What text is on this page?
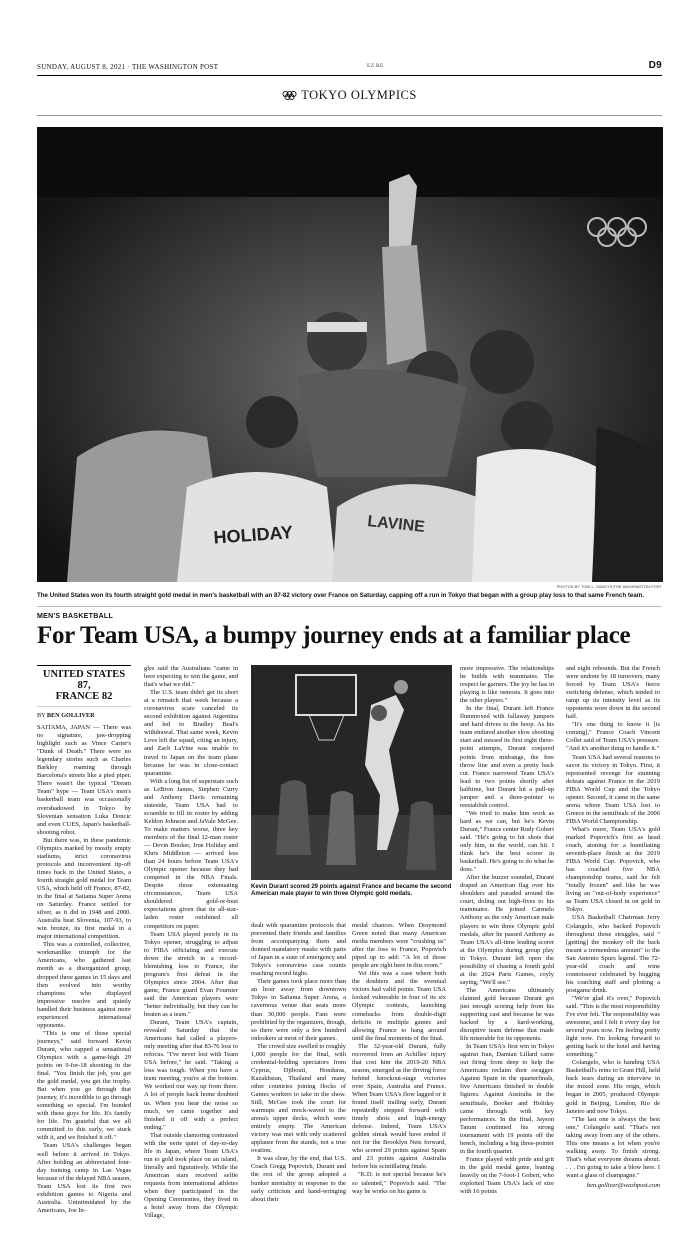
SUNDAY, AUGUST 8, 2021 · THE WASHINGTON POST	EZ RE	D9
TOKYO OLYMPICS
HOLIDAY	LAVINE
PHOTOS BY TONI L. SANDYS/THE WASHINGTON POST
The United States won its fourth straight gold medal in men's basketball with an 87-82 victory over France on Saturday, capping off a run in Tokyo that began with a group play loss to that same French team.
MEN'S BASKETBALL
For Team USA, a bumpy journey ends at a familiar place
UNITED STATES 87,
FRANCE 82
BY BEN GOLLIVER

SAITAMA, JAPAN — There was no signature, jaw-dropping highlight such as Vince Carter's "Dunk of Death." There were no legendary stories such as Charles Barkley roaming through Barcelona's streets like a pied piper. There wasn't the typical "Dream Team" hype — Team USA's men's basketball team was occasionally overshadowed in Tokyo by Slovenian sensation Luka Doncic and even CUES, Japan's basketball-shooting robot.

But there was, in these pandemic Olympics marked by mostly empty stadiums, strict coronavirus protocols and inconvenient tip-off times back in the United States, a fourth straight gold medal for Team USA, which held off France, 87-82, in the final at Saitama Super Arena on Saturday. France settled for silver, as it did in 1948 and 2000. Australia beat Slovenia, 107-93, to win bronze, its first medal in a major international competition.

This was a controlled, collective, workmanlike triumph for the Americans, who gathered last month as a disorganized group, dropped three games in 15 days and then evolved into worthy champions who displayed impressive resolve and quietly handled their business against more experienced international opponents.

"This is one of those special journeys," said forward Kevin Durant, who capped a sensational Olympics with a game-high 29 points on 9-for-18 shooting in the final. "You finish the job, you get the gold medal, you get the trophy. But when you go through that journey, it's incredible to go through something so special. I'm bonded with these guys for life. It's family for life. I'm grateful that we all committed to this early, we stuck with it, and we finished it off."

Team USA's challenges began well before it arrived in Tokyo. After holding an abbreviated four-day training camp in Las Vegas because of the delayed NBA season, Team USA lost its first two exhibition games to Nigeria and Australia. Unintimidated by the Americans, Joe In-

gles said the Australians "came in here expecting to win the game, and that's what we did."

The U.S. team didn't get its short at a rematch that week because a coronavirus scare canceled its second exhibition against Argentina and led to Bradley Beal's withdrawal. That same week, Kevin Love left the squad, citing an injury, and Zach LaVine was unable to travel to Japan on the team plane because he was in close-contact quarantine.

With a long list of superstars such as LeBron James, Stephen Curry and Anthony Davis remaining stateside, Team USA had to scramble to fill its roster by adding Keldon Johnson and JaVale McGee. To make matters worse, three key members of the final 12-man roster — Devin Booker, Jrue Holiday and Khris Middleton — arrived less than 24 hours before Team USA's Olympic opener because they had competed in the NBA Finals. Despite those extenuating circumstances, Team USA shouldered gold-or-bust expectations given that its all-star-laden roster outshined all competitors on paper.

Team USA played poorly in its Tokyo opener, struggling to adjust to FIBA officiating and execute down the stretch in a record-blemishing loss to France, the program's first defeat in the Olympics since 2004. After that game, France guard Evan Fournier said the American players were "better individually, but they can be beaten as a team."

Durant, Team USA's captain, revealed Saturday that the Americans had called a players-only meeting after that 83-76 loss to refocus. "I've never lost with Team USA before," he said. "Taking a loss was tough. When you have a team meeting, you're at the bottom. We worked our way up from there. A lot of people back home doubted us. When you hear the noise so much, we came together and finished it off with a perfect ending."

That outside clamoring contrasted with the eerie quiet of day-to-day life in Japan, where Team USA's run to gold took place on an island, literally and figuratively. While the American stars received selfie requests from international athletes when they participated in the Opening Ceremonies, they lived in a hotel away from the Olympic Village,

Kevin Durant scored 29 points against France and became the second American male player to win three Olympic gold medals.

dealt with quarantine protocols that prevented their friends and families from accompanying them and donned mandatory masks with parts of Japan in a state of emergency and Tokyo's coronavirus case counts reaching record highs.

Their games took place more than an hour away from downtown Tokyo in Saitama Super Arena, a cavernous venue that seats more than 30,000 people. Fans were prohibited by the organizers, though, so there were only a few hundred onlookers at most of their games.

The crowd size swelled to roughly 1,000 people for the final, with credential-holding spectators from Cyprus, Djibouti, Honduras, Kazakhstan, Thailand and many other countries joining flocks of Games workers to take in the show. Still, McGee took the court for warmups and mock-waved to the arena's upper decks, which were entirely empty. The American victory was met with only scattered applause from the stands, not a true ovation.

It was clear, by the end, that U.S. Coach Gregg Popovich, Durant and the rest of the group adopted a bunker mentality in response to the early criticism and hand-wringing about their

medal chances. When Draymond Green noted that many American media members were "crushing us" after the loss to France, Popovich piped up to add: "A lot of those people are right here in this room."

Yet this was a case where both the doubters and the eventual victors had valid points. Team USA looked vulnerable in four of its six Olympic contests, launching comebacks from double-digit deficits in multiple games and allowing France to hang around until the final moments of the final.

The 32-year-old Durant, fully recovered from an Achilles' injury that cost him the 2019-20 NBA season, emerged as the driving force behind knockout-stage victories over Spain, Australia and France. When Team USA's flow lagged or it found itself trailing early, Durant repeatedly stepped forward with timely shots and high-energy defense. Indeed, Team USA's golden streak would have ended if not for the Brooklyn Nets forward, who scored 29 points against Spain and 23 points against Australia before his scintillating finale.

"K.D. is not special because he's so talented," Popovich said. "The way he works on his game is

more impressive. The relationships he builds with teammates. The respect he garners. The joy he has in playing is like osmosis. It goes into the other players."

In the final, Durant left France flummoxed with fallaway jumpers and hard drives to the hoop. As his team endured another slow shooting start and missed its first eight three-point attempts, Durant conjured points from midrange, the free throw line and even a pretty back cut. France narrowed Team USA's lead to two points shortly after halftime, but Durant hit a pull-up jumper and a three-pointer to reestablish control.

"We tried to make him work as hard as we can, but he's Kevin Durant," France center Rudy Gobert said. "He's going to hit shots that only him, in the world, can hit. I think he's the best scorer in basketball. He's going to do what he does."

After the buzzer sounded, Durant draped an American flag over his shoulders and paraded around the court, doling out high-fives to his teammates. He joined Carmelo Anthony as the only American male players to win three Olympic gold medals, after he passed Anthony as Team USA's all-time leading scorer at the Olympics during group play in Tokyo. Durant left open the possibility of chasing a fourth gold at the 2024 Paris Games, coyly saying, "We'll see."

The Americans ultimately claimed gold because Durant got just enough scoring help from his supporting cast and because he was backed by a hard-working, disruptive team defense that made life miserable for its opponents.

In Team USA's first win in Tokyo against Iran, Damian Lillard came out firing from deep to help the Americans reclaim their swagger. Against Spain in the quarterfinals, five Americans finished in double figures. Against Australia in the semifinals, Booker and Holiday came through with key performances. In the final, Jayson Tatum continued his strong tournament with 19 points off the bench, including a big three-pointer in the fourth quarter.

France played with pride and grit in the gold medal game, leaning heavily on the 7-foot-1 Gobert, who exploited Team USA's lack of size with 16 points

and eight rebounds. But the French were undone by 18 turnovers, many forced by Team USA's fierce switching defense, which tended to ramp up its intensity level as its opponents wore down in the second half.

"It's one thing to know it [is coming]," France Coach Vincent Collet said of Team USA's pressure. "And it's another thing to handle it."

Team USA had several reasons to savor its victory in Tokyo. First, it represented revenge for stunning defeats against France in the 2019 FIBA World Cup and the Tokyo opener. Second, it came in the same arena where Team USA lost to Greece in the semifinals of the 2006 FIBA World Championship.

What's more, Team USA's gold marked Popovich's first as head coach, atoning for a humiliating seventh-place finish at the 2019 FIBA World Cup. Popovich, who has coached five NBA championship teams, said he felt "totally frozen" and like he was living an "out-of-body experience" as Team USA closed in on gold in Tokyo.

USA Basketball Chairman Jerry Colangelo, who backed Popovich throughout those struggles, said "[getting] the monkey off the back meant a tremendous amount" to the San Antonio Spurs legend. The 72-year-old coach and wine connoisseur celebrated by hugging his coaching staff and plotting a postgame drink.

"We're glad it's over," Popovich said. "This is the most responsibility I've ever felt. The responsibility was awesome, and I felt it every day for several years now. I'm feeling pretty light now. I'm looking forward to getting back to the hotel and having something."

Colangelo, who is handing USA Basketball's reins to Grant Hill, held back tears during an interview in the mixed zone. His reign, which began in 2005, produced Olympic gold in Beijing, London, Rio de Janeiro and now Tokyo.

"The last one is always the best one," Colangelo said. "That's not taking away from any of the others. This one means a lot when you're walking away. To finish strong. That's what everyone dreams about. . . . I'm going to take a blow here. I want a glass of champagne."

ben.golliver@washpost.com
